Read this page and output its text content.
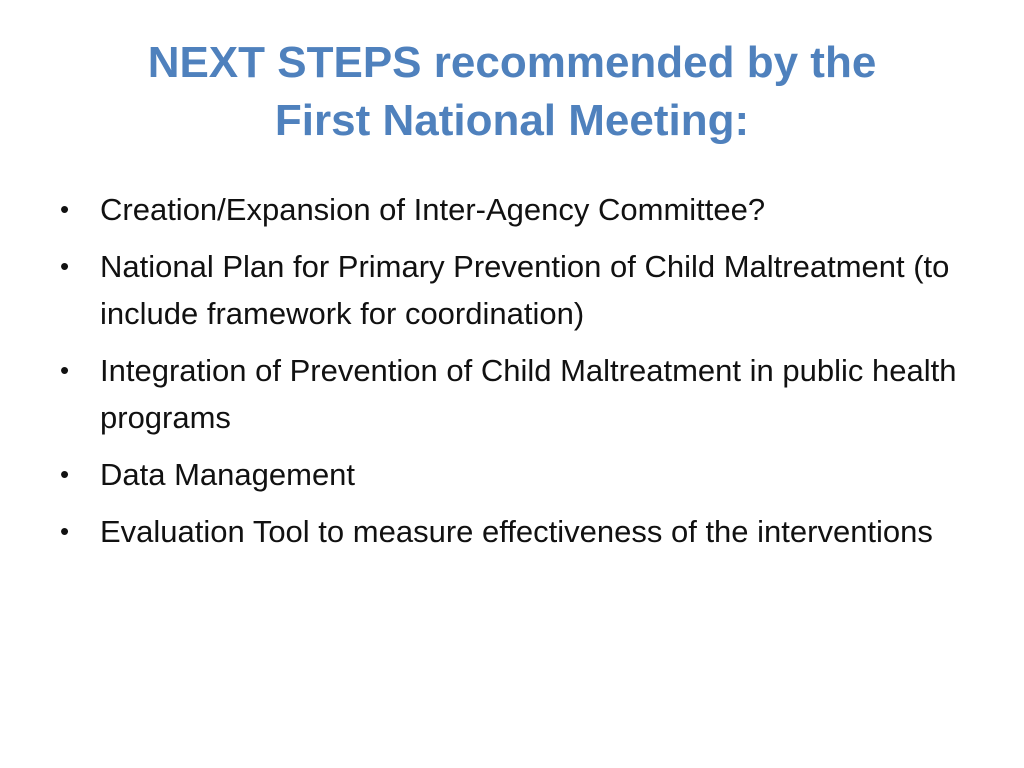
NEXT STEPS recommended by the
First National Meeting:
• Creation/Expansion of Inter-Agency Committee?
• National Plan for Primary Prevention of Child Maltreatment (to include framework for coordination)
• Integration of Prevention of Child Maltreatment in public health programs
• Data Management
• Evaluation Tool to measure effectiveness of the interventions
